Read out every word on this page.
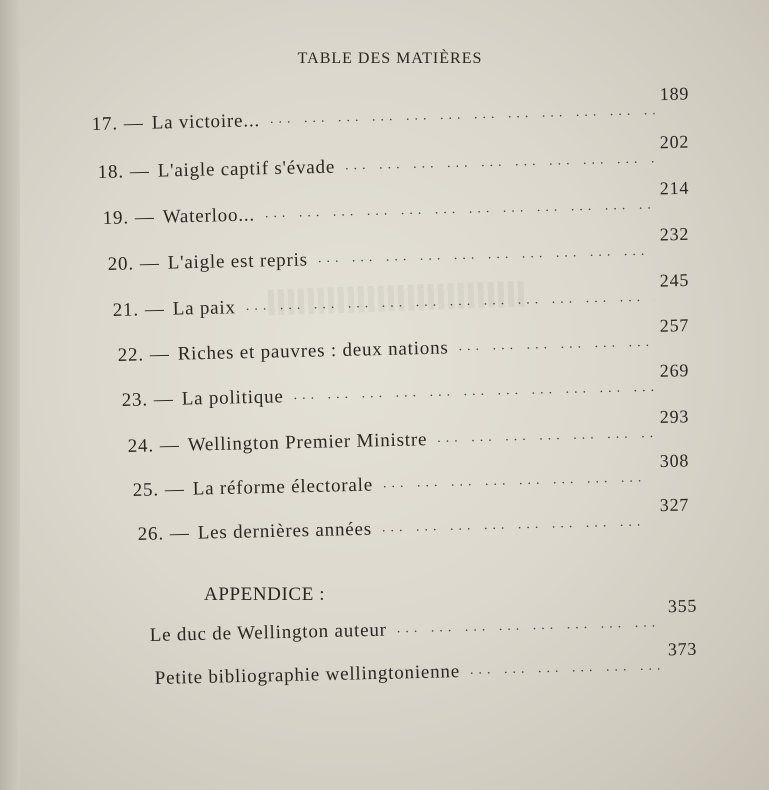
TABLE DES MATIÈRES
17. — La victoire...
... .
189
18. — L'aigle captif s'évade
... .
202
19. — Waterloo...
... .
214
20. — L'aigle est repris
... .
232
21. — La paix
... .
245
22. — Riches et pauvres : deux nations
... .
257
23. — La politique
... .
269
24. — Wellington Premier Ministre
... .
293
25. — La réforme électorale
... .
308
26. — Les dernières années
... .
327
APPENDICE :
Le duc de Wellington auteur
... .
355
Petite bibliographie wellingtonienne
... .
373
